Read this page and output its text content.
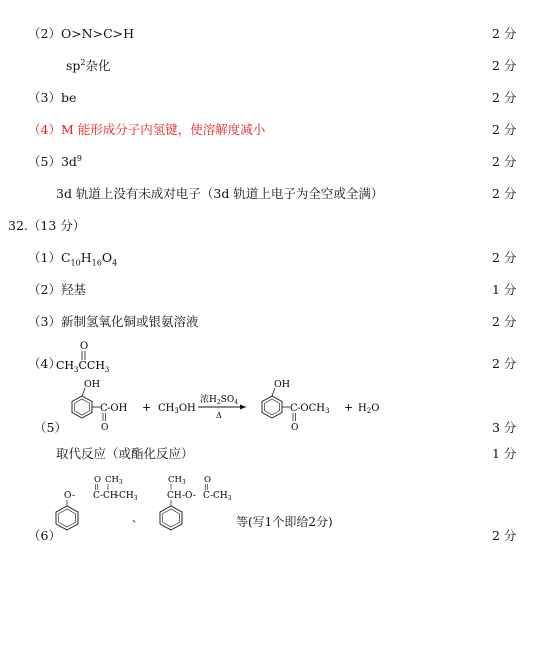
（2）O>N>C>H	2 分
$sp^2$杂化	2 分
（3）be	2 分
（4）M 能形成分子内氢键，使溶解度减小	2 分
$(5)3d^9$	2 分
3d 轨道上没有未成对电子（3d 轨道上电子为全空或全满）	2 分
32.（13 分）
$(1)C_{10}H_{16}O_4$	2 分
（2）羟基	1 分
（3）新制氢氧化铜或银氨溶液	2 分
（4）
O
$CH_3CCH_3$	2 分
OH
C -OH
O
+ $CH_3OH$
浓$H_2SO_4$
Δ
OH
C $-OCH_3$
O
+ $H_2O$
（5）	3 分
取代反应（或酯化反应）	1 分
O $CH_3$
O - C -CH
$-CH_3$
、
$CH_3$ O
CH -O- C $-CH_3$
等(写1个即给2分)
（6）	2 分
